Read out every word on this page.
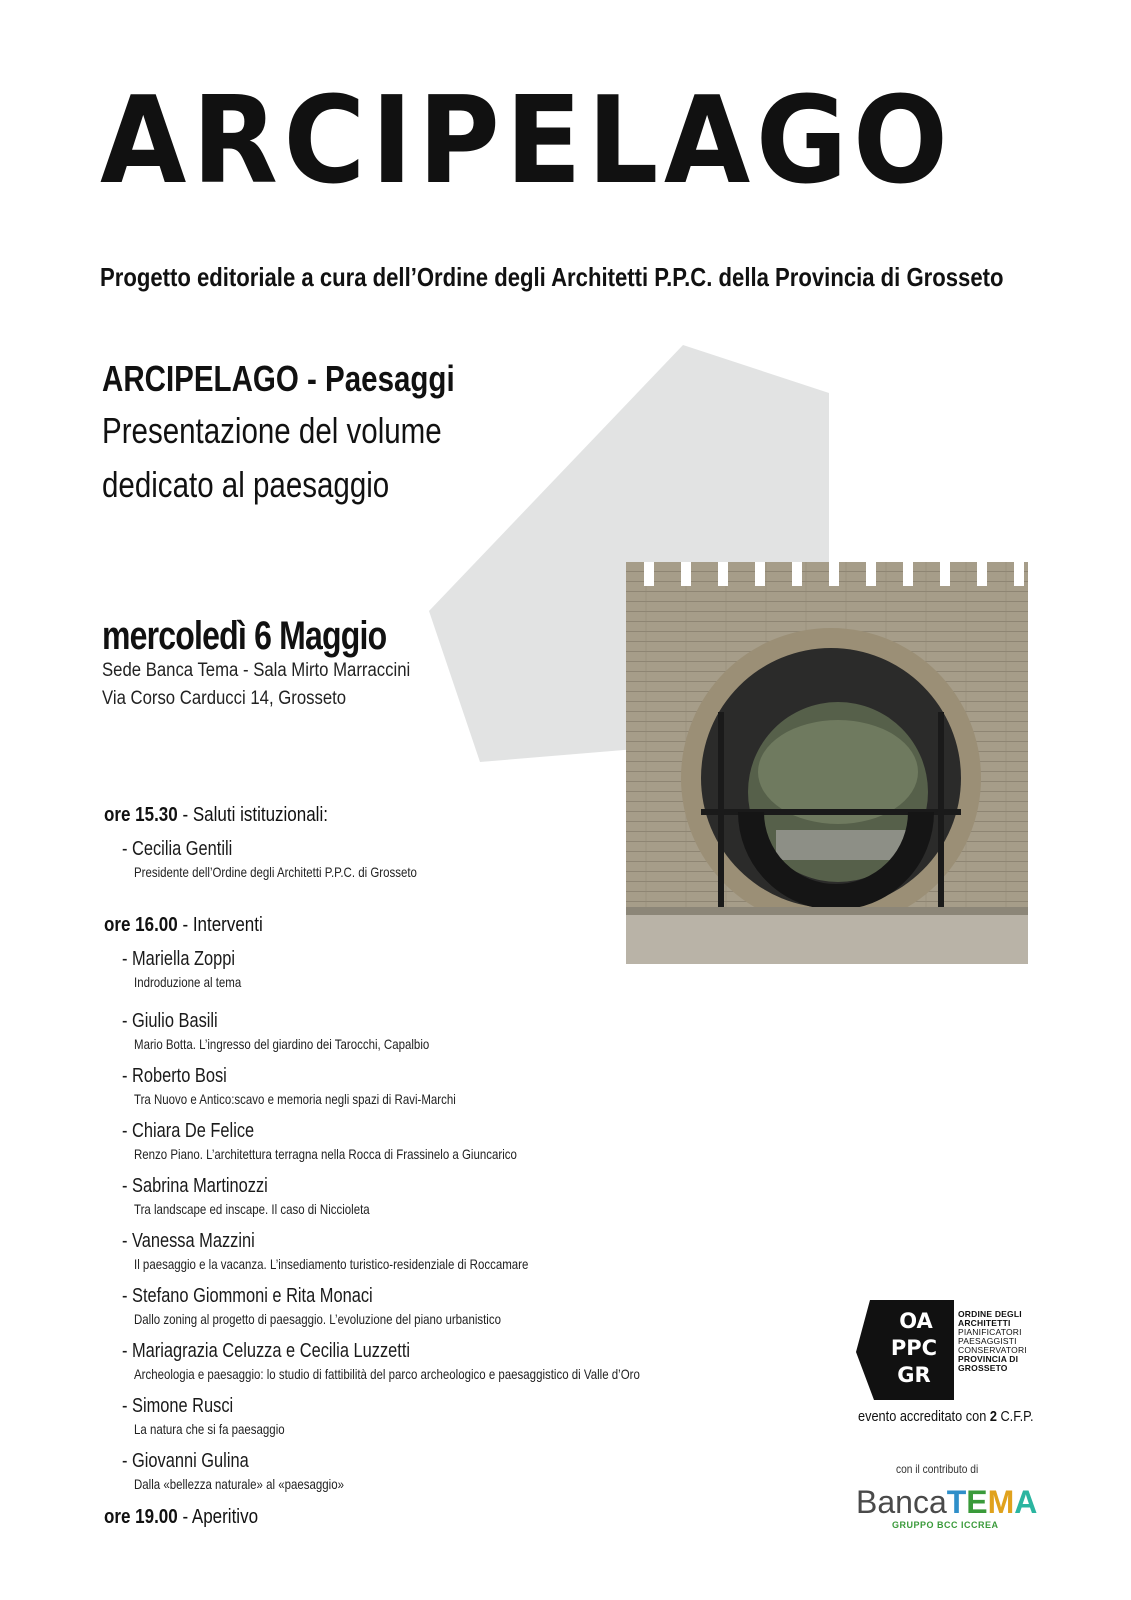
ARCIPELAGO
Progetto editoriale a cura dell’Ordine degli Architetti P.P.C. della Provincia di Grosseto
ARCIPELAGO - Paesaggi
Presentazione del volume
dedicato al paesaggio
mercoledì 6 Maggio
Sede Banca Tema - Sala Mirto Marraccini
Via Corso Carducci 14, Grosseto
ore 15.30 - Saluti istituzionali:
- Cecilia Gentili
Presidente dell’Ordine degli Architetti P.P.C. di Grosseto
ore 16.00 - Interventi
- Mariella Zoppi
Indroduzione al tema
- Giulio Basili
Mario Botta. L’ingresso del giardino dei Tarocchi, Capalbio
- Roberto Bosi
Tra Nuovo e Antico:scavo e memoria negli spazi di Ravi-Marchi
- Chiara De Felice
Renzo Piano. L’architettura terragna nella Rocca di Frassinelo a Giuncarico
- Sabrina Martinozzi
Tra landscape ed inscape. Il caso di Niccioleta
- Vanessa Mazzini
Il paesaggio e la vacanza. L’insediamento turistico-residenziale di Roccamare
- Stefano Giommoni e Rita Monaci
Dallo zoning al progetto di paesaggio. L’evoluzione del piano urbanistico
- Mariagrazia Celuzza e Cecilia Luzzetti
Archeologia e paesaggio: lo studio di fattibilità del parco archeologico e paesaggistico di Valle d’Oro
- Simone Rusci
La natura che si fa paesaggio
- Giovanni Gulina
Dalla «bellezza naturale» al «paesaggio»
ore 19.00 - Aperitivo
OA
PPC
GR
ORDINE DEGLI
ARCHITETTI
PIANIFICATORI
PAESAGGISTI
CONSERVATORI
PROVINCIA DI
GROSSETO
evento accreditato con 2 C.F.P.
con il contributo di
BancaTEMA
GRUPPO BCC ICCREA
